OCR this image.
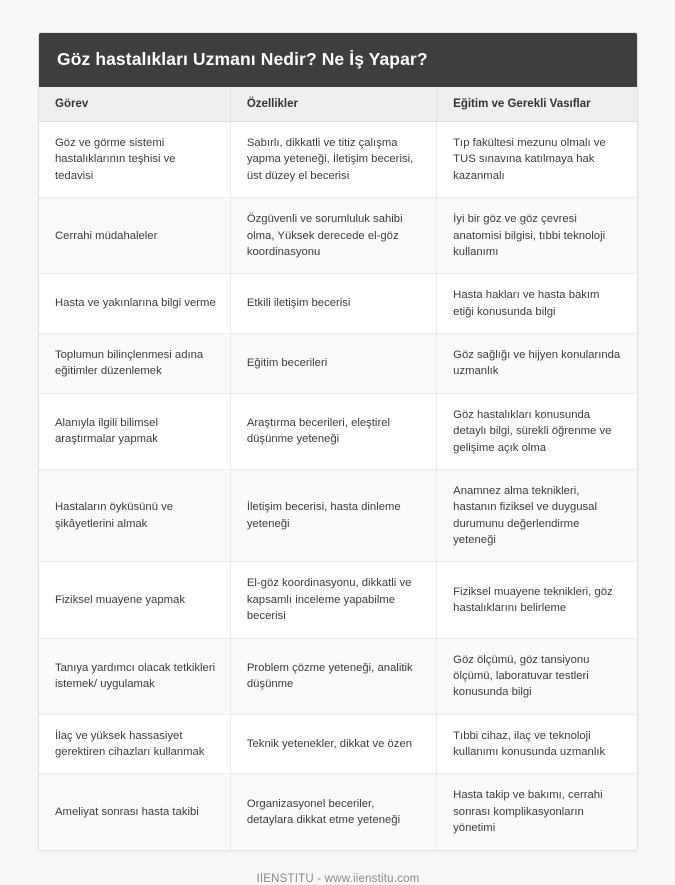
Göz hastalıkları Uzmanı Nedir? Ne İş Yapar?
Görev	Özellikler	Eğitim ve Gerekli Vasıflar
Göz ve görme sistemi hastalıklarının teşhisi ve tedavisi	Sabırlı, dikkatli ve titiz çalışma yapma yeteneği, İletişim becerisi, üst düzey el becerisi	Tıp fakültesi mezunu olmalı ve TUS sınavına katılmaya hak kazanmalı
Cerrahi müdahaleler	Özgüvenli ve sorumluluk sahibi olma, Yüksek derecede el-göz koordinasyonu	İyi bir göz ve göz çevresi anatomisi bilgisi, tıbbi teknoloji kullanımı
Hasta ve yakınlarına bilgi verme	Etkili iletişim becerisi	Hasta hakları ve hasta bakım etiği konusunda bilgi
Toplumun bilinçlenmesi adına eğitimler düzenlemek	Eğitim becerileri	Göz sağlığı ve hijyen konularında uzmanlık
Alanıyla ilgili bilimsel araştırmalar yapmak	Araştırma becerileri, eleştirel düşünme yeteneği	Göz hastalıkları konusunda detaylı bilgi, sürekli öğrenme ve gelişime açık olma
Hastaların öyküsünü ve şikâyetlerini almak	İletişim becerisi, hasta dinleme yeteneği	Anamnez alma teknikleri, hastanın fiziksel ve duygusal durumunu değerlendirme yeteneği
Fiziksel muayene yapmak	El-göz koordinasyonu, dikkatli ve kapsamlı inceleme yapabilme becerisi	Fiziksel muayene teknikleri, göz hastalıklarını belirleme
Tanıya yardımcı olacak tetkikleri istemek/ uygulamak	Problem çözme yeteneği, analitik düşünme	Göz ölçümü, göz tansiyonu ölçümü, laboratuvar testleri konusunda bilgi
İlaç ve yüksek hassasiyet gerektiren cihazları kullanmak	Teknik yetenekler, dikkat ve özen	Tıbbi cihaz, ilaç ve teknoloji kullanımı konusunda uzmanlık
Ameliyat sonrası hasta takibi	Organizasyonel beceriler, detaylara dikkat etme yeteneği	Hasta takip ve bakımı, cerrahi sonrası komplikasyonların yönetimi
IIENSTITU - www.iienstitu.com
